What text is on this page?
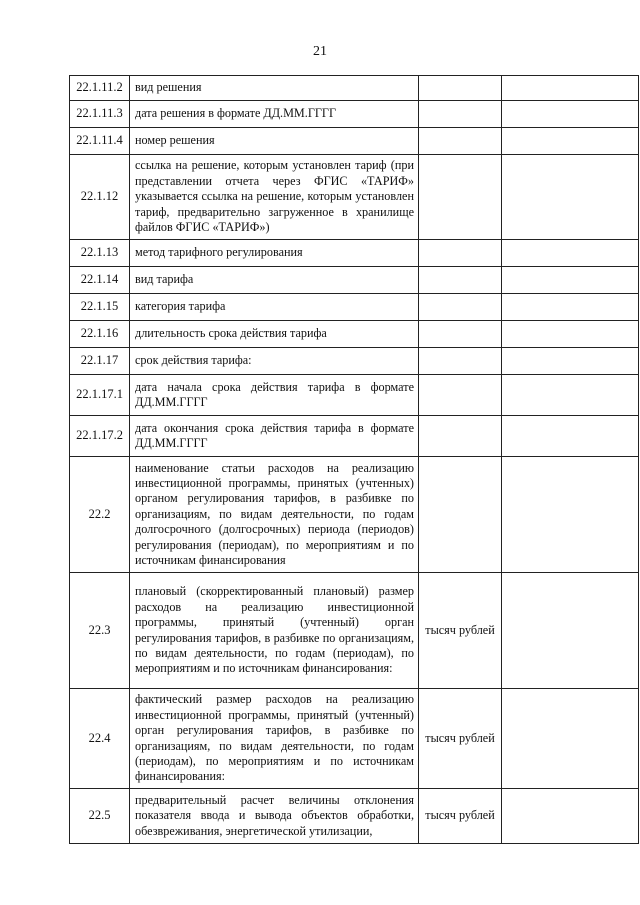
21
22.1.11.2	вид решения		
22.1.11.3	дата решения в формате ДД.ММ.ГГГГ		
22.1.11.4	номер решения		
22.1.12	ссылка на решение, которым установлен тариф (при представлении отчета через ФГИС «ТАРИФ» указывается ссылка на решение, которым установлен тариф, предварительно загруженное в хранилище файлов ФГИС «ТАРИФ»)		
22.1.13	метод тарифного регулирования		
22.1.14	вид тарифа		
22.1.15	категория тарифа		
22.1.16	длительность срока действия тарифа		
22.1.17	срок действия тарифа:		
22.1.17.1	дата начала срока действия тарифа в формате ДД.ММ.ГГГГ		
22.1.17.2	дата окончания срока действия тарифа в формате ДД.ММ.ГГГГ		
22.2	наименование статьи расходов на реализацию инвестиционной программы, принятых (учтенных) органом регулирования тарифов, в разбивке по организациям, по видам деятельности, по годам долгосрочного (долгосрочных) периода (периодов) регулирования (периодам), по мероприятиям и по источникам финансирования		
22.3	плановый (скорректированный плановый) размер расходов на реализацию инвестиционной программы, принятый (учтенный) орган регулирования тарифов, в разбивке по организациям, по видам деятельности, по годам (периодам), по мероприятиям и по источникам финансирования:	тысяч рублей	
22.4	фактический размер расходов на реализацию инвестиционной программы, принятый (учтенный) орган регулирования тарифов, в разбивке по организациям, по видам деятельности, по годам (периодам), по мероприятиям и по источникам финансирования:	тысяч рублей	
22.5	предварительный расчет величины отклонения показателя ввода и вывода объектов обработки, обезвреживания, энергетической утилизации,	тысяч рублей	
